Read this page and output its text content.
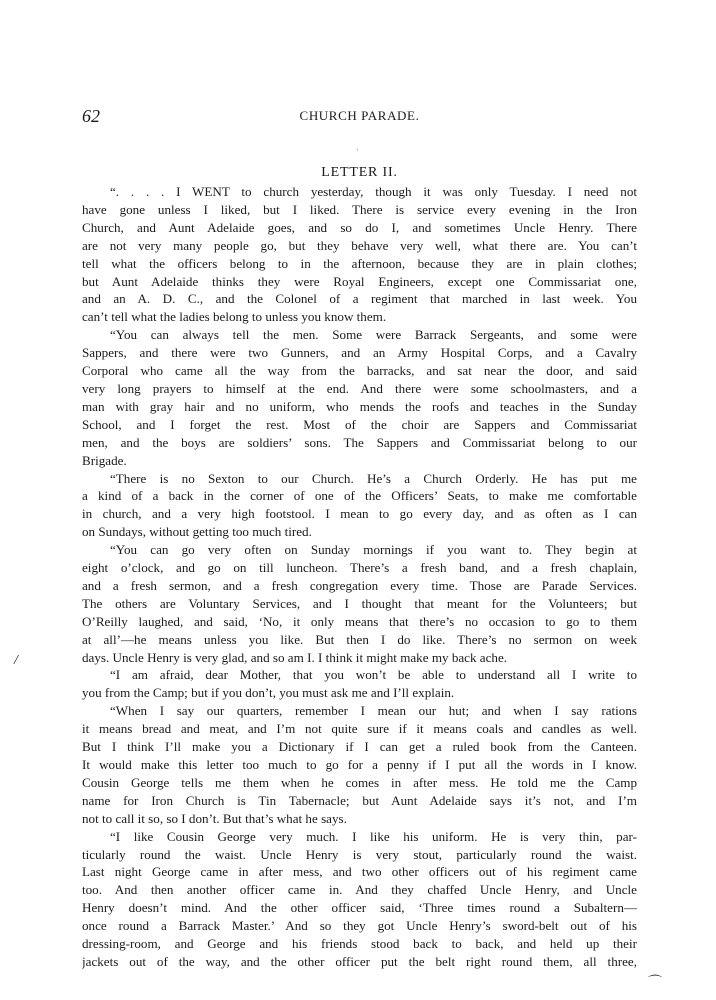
62	CHURCH PARADE.
ˌ
LETTER II.
“. . . . I WENT to church yesterday, though it was only Tuesday. I need not
have gone unless I liked, but I liked. There is service every evening in the Iron
Church, and Aunt Adelaide goes, and so do I, and sometimes Uncle Henry. There
are not very many people go, but they behave very well, what there are. You can’t
tell what the officers belong to in the afternoon, because they are in plain clothes;
but Aunt Adelaide thinks they were Royal Engineers, except one Commissariat one,
and an A. D. C., and the Colonel of a regiment that marched in last week. You
can’t tell what the ladies belong to unless you know them.
“You can always tell the men. Some were Barrack Sergeants, and some were
Sappers, and there were two Gunners, and an Army Hospital Corps, and a Cavalry
Corporal who came all the way from the barracks, and sat near the door, and said
very long prayers to himself at the end. And there were some schoolmasters, and a
man with gray hair and no uniform, who mends the roofs and teaches in the Sunday
School, and I forget the rest. Most of the choir are Sappers and Commissariat
men, and the boys are soldiers’ sons. The Sappers and Commissariat belong to our
Brigade.
“There is no Sexton to our Church. He’s a Church Orderly. He has put me
a kind of a back in the corner of one of the Officers’ Seats, to make me comfortable
in church, and a very high footstool. I mean to go every day, and as often as I can
on Sundays, without getting too much tired.
“You can go very often on Sunday mornings if you want to. They begin at
eight o’clock, and go on till luncheon. There’s a fresh band, and a fresh chaplain,
and a fresh sermon, and a fresh congregation every time. Those are Parade Services.
The others are Voluntary Services, and I thought that meant for the Volunteers; but
O’Reilly laughed, and said, ‘No, it only means that there’s no occasion to go to them
at all’—he means unless you like. But then I do like. There’s no sermon on week
days. Uncle Henry is very glad, and so am I. I think it might make my back ache.
“I am afraid, dear Mother, that you won’t be able to understand all I write to
you from the Camp; but if you don’t, you must ask me and I’ll explain.
“When I say our quarters, remember I mean our hut; and when I say rations
it means bread and meat, and I’m not quite sure if it means coals and candles as well.
But I think I’ll make you a Dictionary if I can get a ruled book from the Canteen.
It would make this letter too much to go for a penny if I put all the words in I know.
Cousin George tells me them when he comes in after mess. He told me the Camp
name for Iron Church is Tin Tabernacle; but Aunt Adelaide says it’s not, and I’m
not to call it so, so I don’t. But that’s what he says.
“I like Cousin George very much. I like his uniform. He is very thin, par-
ticularly round the waist. Uncle Henry is very stout, particularly round the waist.
Last night George came in after mess, and two other officers out of his regiment came
too. And then another officer came in. And they chaffed Uncle Henry, and Uncle
Henry doesn’t mind. And the other officer said, ‘Three times round a Subaltern—
once round a Barrack Master.’ And so they got Uncle Henry’s sword-belt out of his
dressing-room, and George and his friends stood back to back, and held up their
jackets out of the way, and the other officer put the belt right round them, all three,
/
⌒
